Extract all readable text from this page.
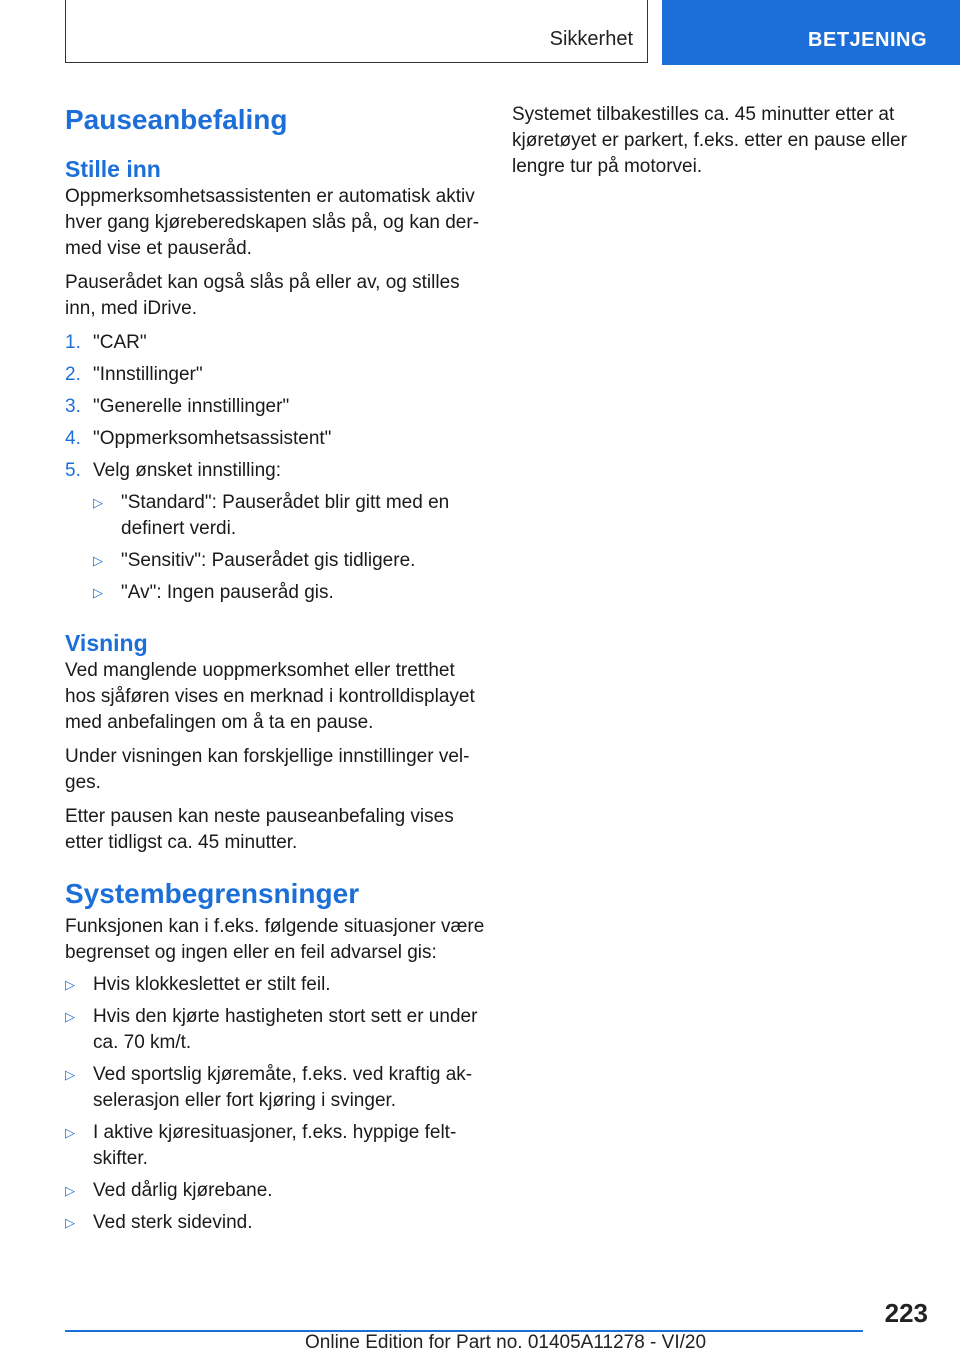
Sikkerhet	BETJENING
Pauseanbefaling
Stille inn

Oppmerksomhetsassistenten er automatisk aktiv hver gang kjøreberedskapen slås på, og kan dermed vise et pauseråd.

Pauserådet kan også slås på eller av, og stilles inn, med iDrive.

1. "CAR"
2. "Innstillinger"
3. "Generelle innstillinger"
4. "Oppmerksomhetsassistent"
5. Velg ønsket innstilling:
▷ "Standard": Pauserådet blir gitt med en definert verdi.
▷ "Sensitiv": Pauserådet gis tidligere.
▷ "Av": Ingen pauseråd gis.
Visning

Ved manglende uoppmerksomhet eller tretthet hos sjåføren vises en merknad i kontrolldisplayet med anbefalingen om å ta en pause.

Under visningen kan forskjellige innstillinger velges.

Etter pausen kan neste pauseanbefaling vises etter tidligst ca. 45 minutter.

Systembegrensninger

Funksjonen kan i f.eks. følgende situasjoner være begrenset og ingen eller en feil advarsel gis:

▷ Hvis klokkeslettet er stilt feil.
▷ Hvis den kjørte hastigheten stort sett er under ca. 70 km/t.
▷ Ved sportslig kjøremåte, f.eks. ved kraftig akselerasjon eller fort kjøring i svinger.
▷ I aktive kjøresituasjoner, f.eks. hyppige feltskifter.
▷ Ved dårlig kjørebane.
▷ Ved sterk sidevind.

Systemet tilbakestilles ca. 45 minutter etter at kjøretøyet er parkert, f.eks. etter en pause eller lengre tur på motorvei.

223
Online Edition for Part no. 01405A11278 - VI/20
